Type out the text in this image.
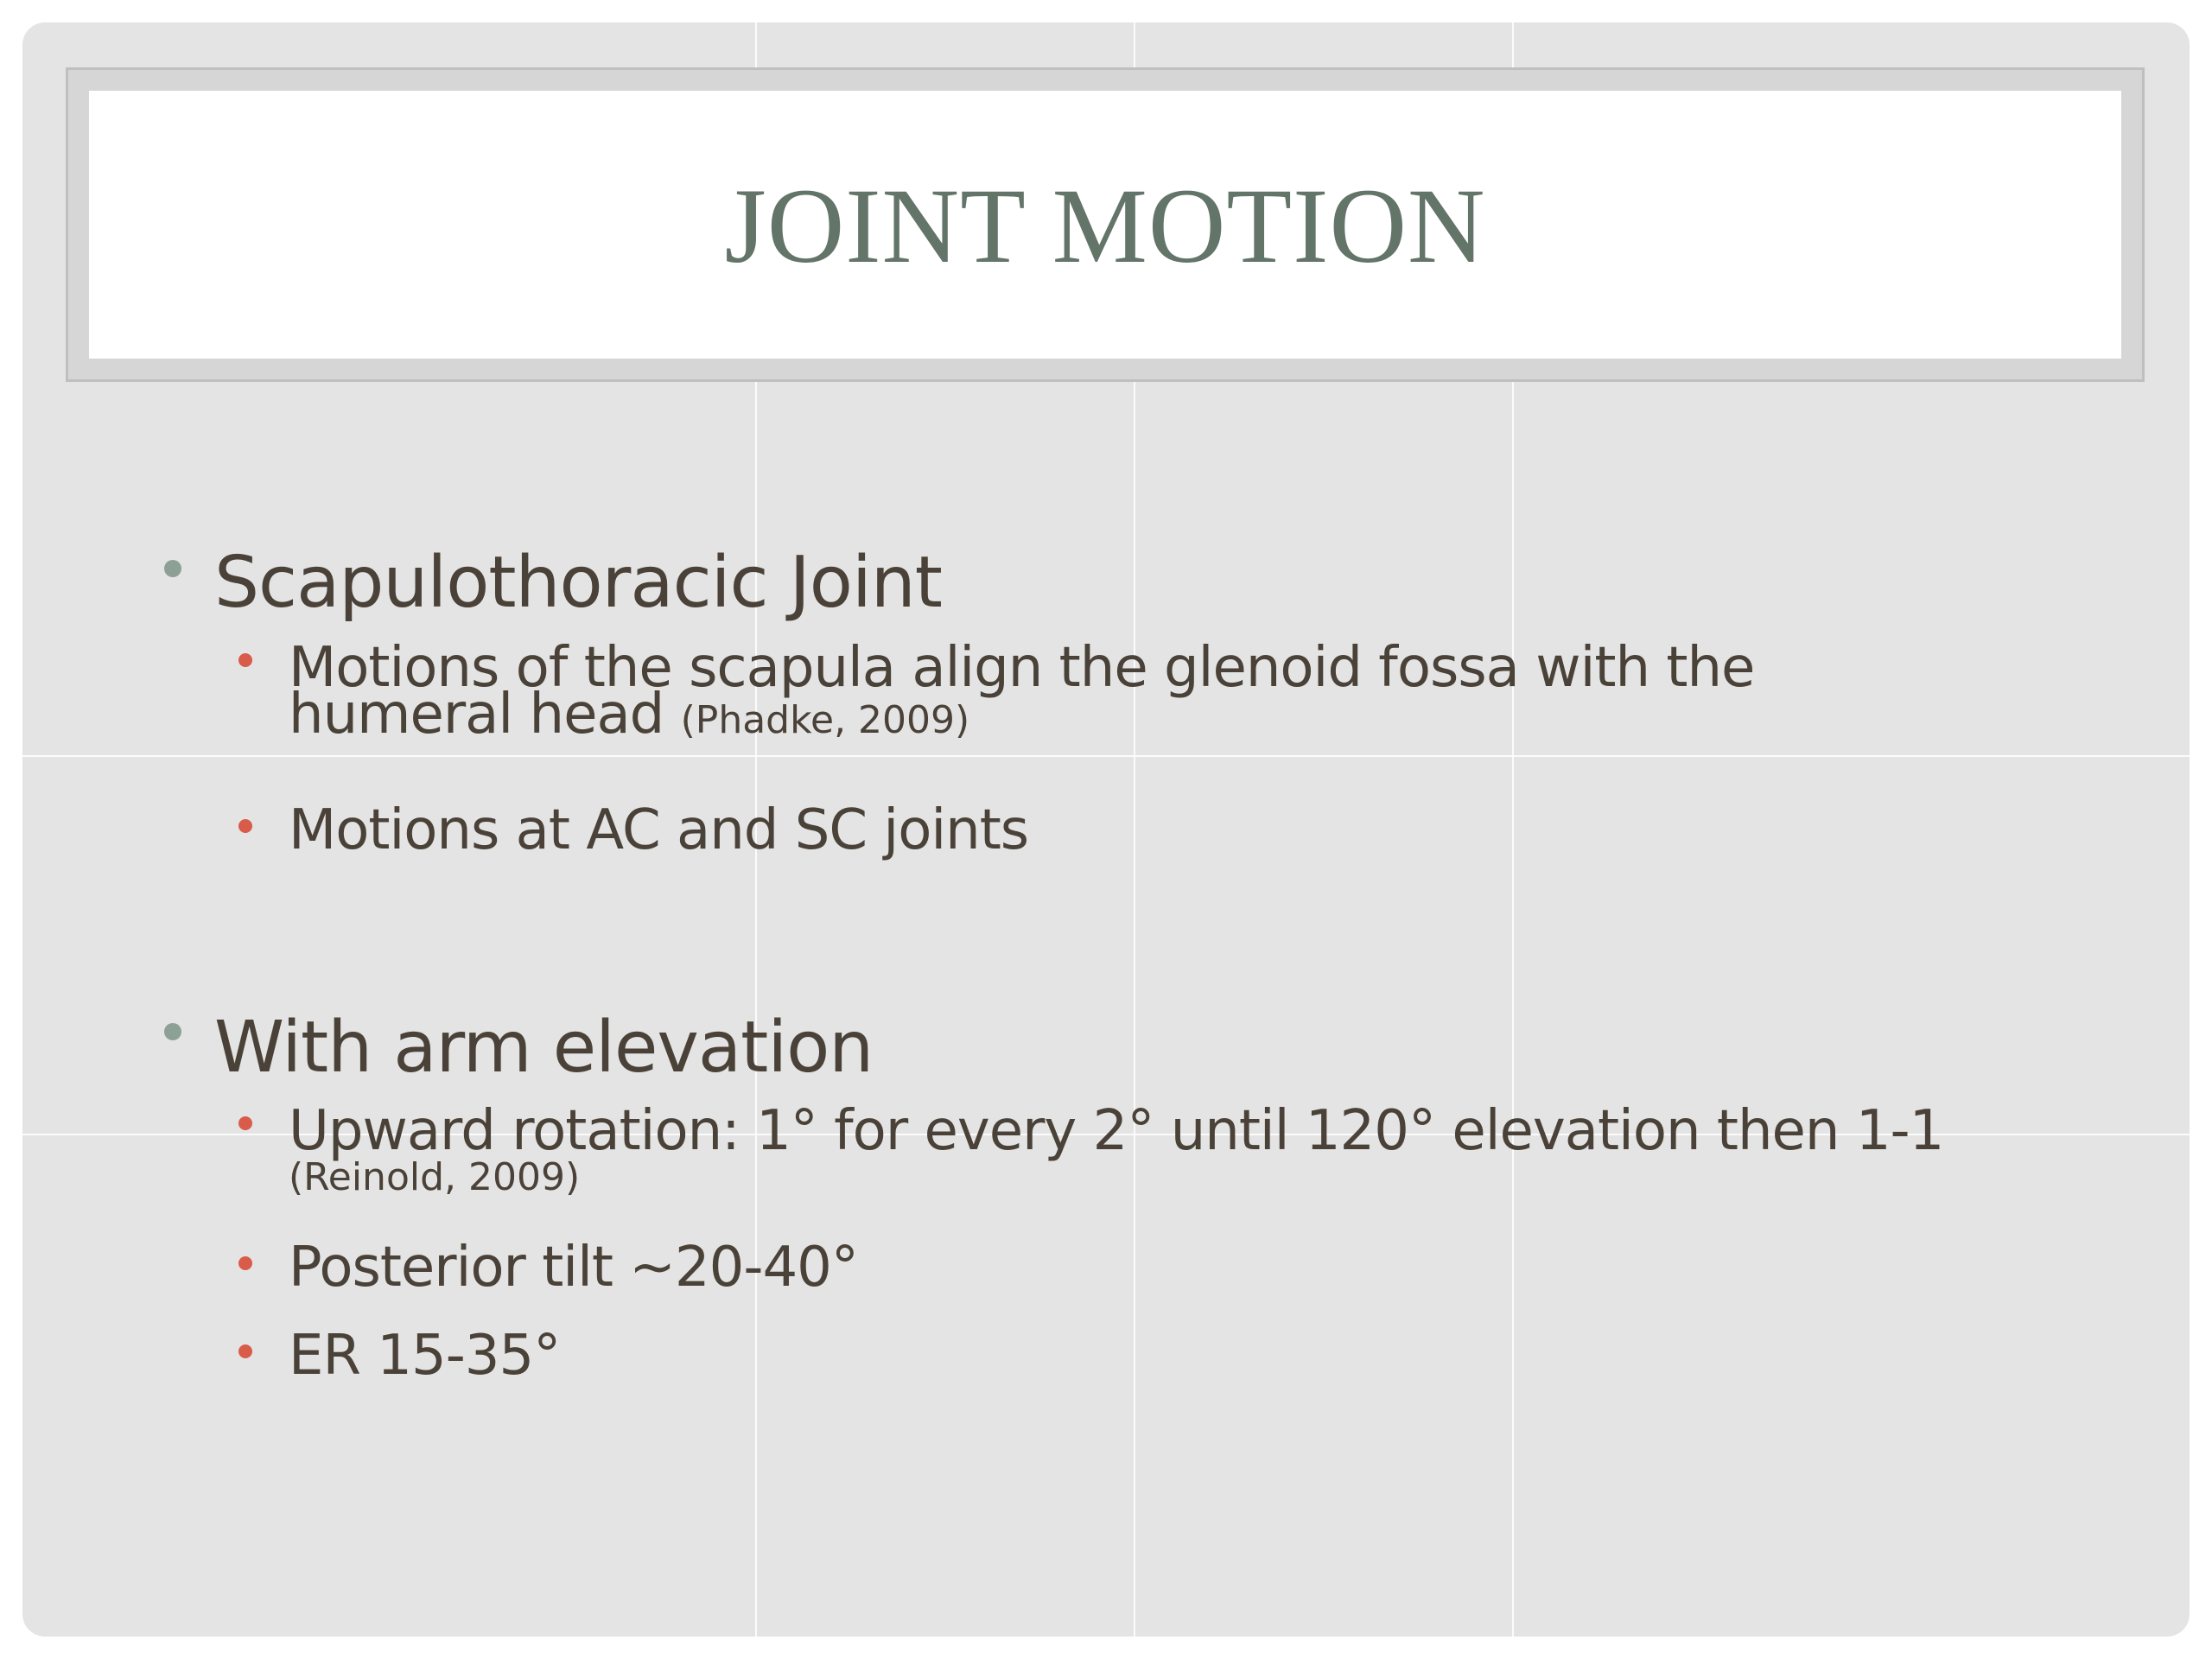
JOINT MOTION
Scapulothoracic Joint
Motions of the scapula align the glenoid fossa with the
humeral head (Phadke, 2009)
Motions at AC and SC joints
With arm elevation
Upward rotation: 1° for every 2° until 120° elevation then 1-1
(Reinold, 2009)
Posterior tilt ~20-40°
ER 15-35°
